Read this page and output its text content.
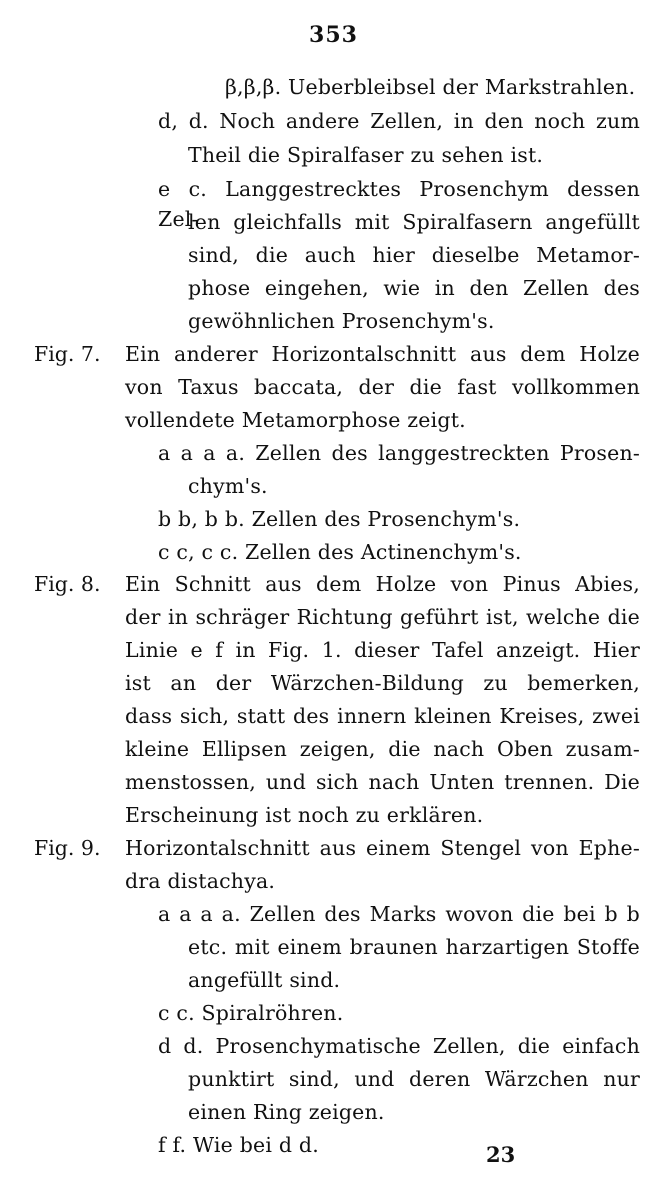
353
β,β,β. Ueberbleibsel der Markstrahlen.
d, d. Noch andere Zellen, in den noch zum
Theil die Spiralfaser zu sehen ist.
e c. Langgestrecktes Prosenchym dessen Zel-
len gleichfalls mit Spiralfasern angefüllt
sind, die auch hier dieselbe Metamor-
phose eingehen, wie in den Zellen des
gewöhnlichen Prosenchym's.
Fig. 7. Ein anderer Horizontalschnitt aus dem Holze
von Taxus baccata, der die fast vollkommen
vollendete Metamorphose zeigt.
a a a a. Zellen des langgestreckten Prosen-
chym's.
b b, b b. Zellen des Prosenchym's.
c c, c c. Zellen des Actinenchym's.
Fig. 8. Ein Schnitt aus dem Holze von Pinus Abies,
der in schräger Richtung geführt ist, welche die
Linie e f in Fig. 1. dieser Tafel anzeigt. Hier
ist an der Wärzchen-Bildung zu bemerken,
dass sich, statt des innern kleinen Kreises, zwei
kleine Ellipsen zeigen, die nach Oben zusam-
menstossen, und sich nach Unten trennen. Die
Erscheinung ist noch zu erklären.
Fig. 9. Horizontalschnitt aus einem Stengel von Ephe-
dra distachya.
a a a a. Zellen des Marks wovon die bei b b
etc. mit einem braunen harzartigen Stoffe
angefüllt sind.
c c. Spiralröhren.
d d. Prosenchymatische Zellen, die einfach
punktirt sind, und deren Wärzchen nur
einen Ring zeigen.
f f. Wie bei d d.	23
